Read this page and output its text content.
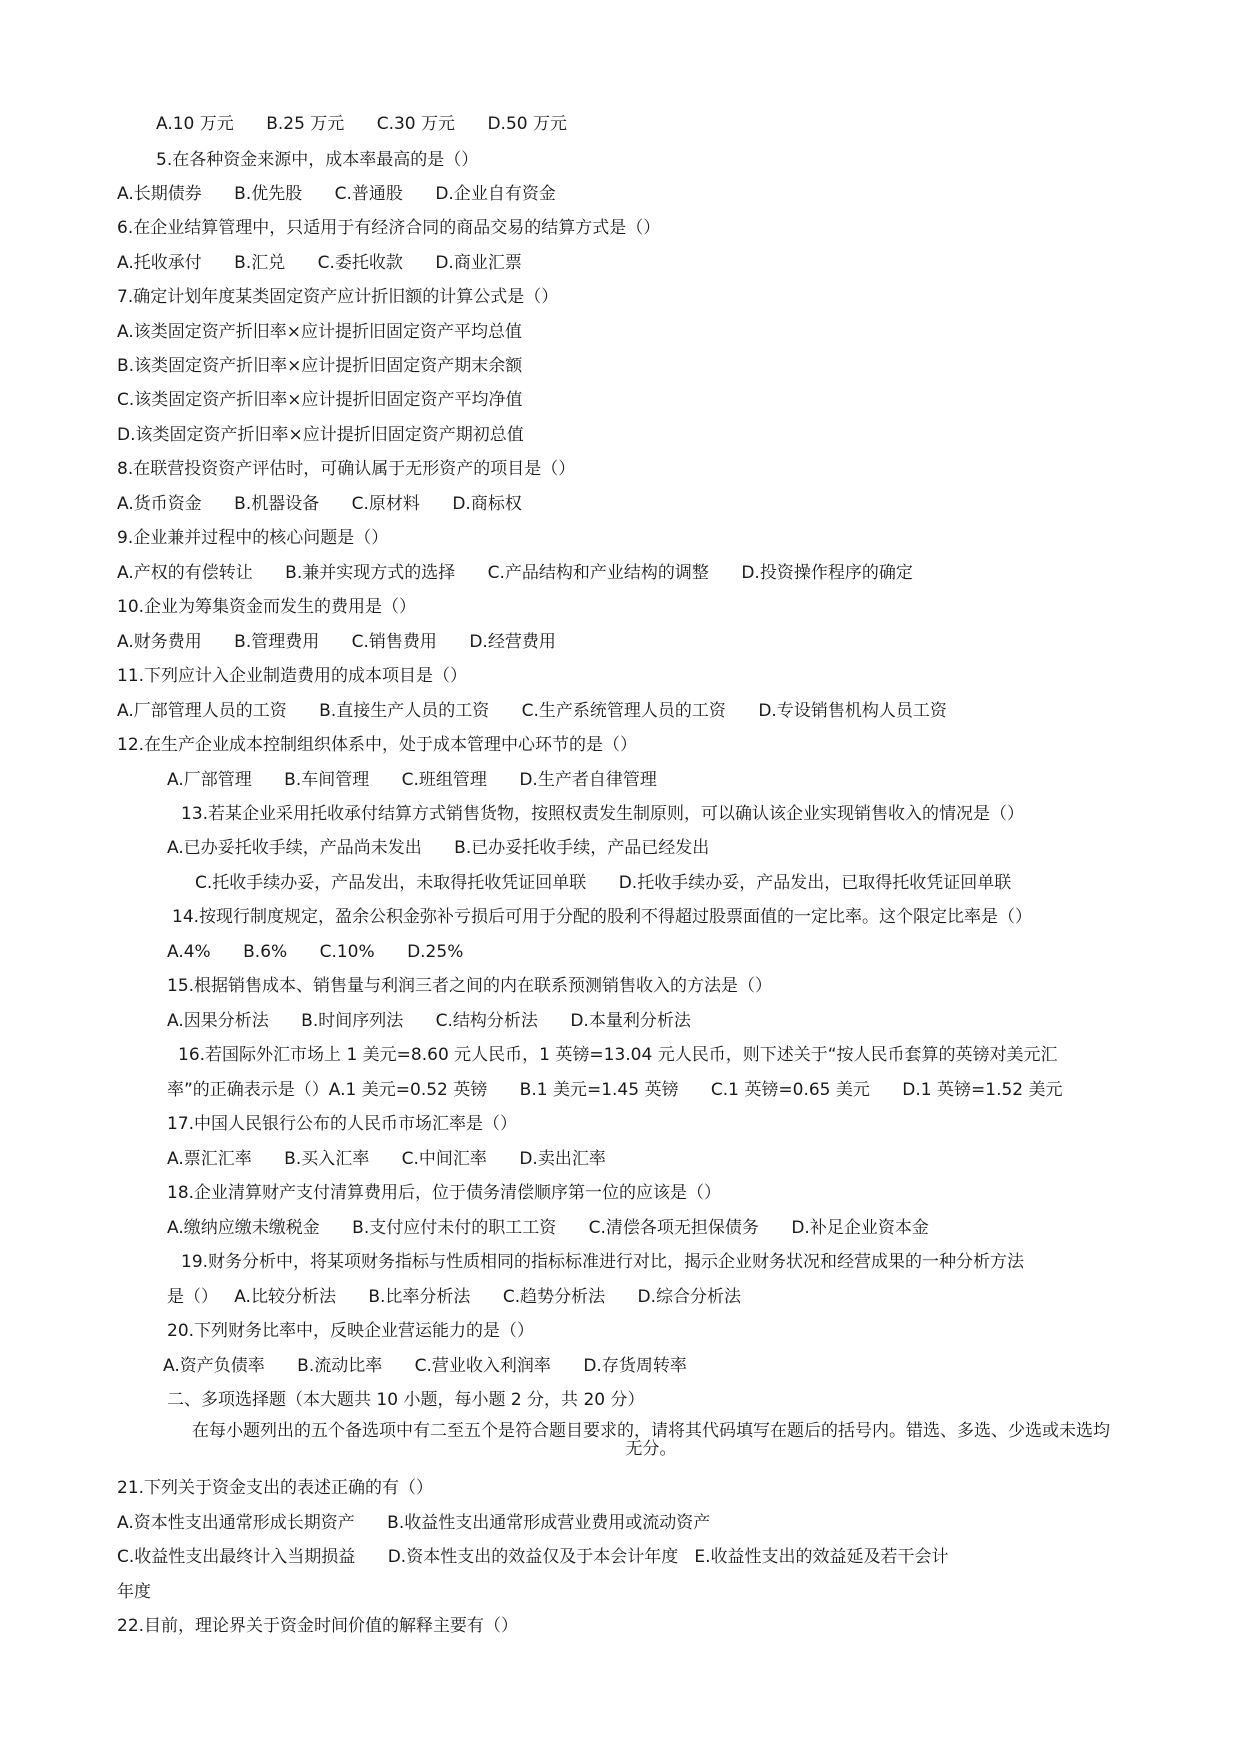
A.10 万元      B.25 万元      C.30 万元      D.50 万元
5.在各种资金来源中，成本率最高的是（）
A.长期债券      B.优先股      C.普通股      D.企业自有资金
6.在企业结算管理中，只适用于有经济合同的商品交易的结算方式是（）
A.托收承付      B.汇兑      C.委托收款      D.商业汇票
7.确定计划年度某类固定资产应计折旧额的计算公式是（）
A.该类固定资产折旧率×应计提折旧固定资产平均总值
B.该类固定资产折旧率×应计提折旧固定资产期末余额
C.该类固定资产折旧率×应计提折旧固定资产平均净值
D.该类固定资产折旧率×应计提折旧固定资产期初总值
8.在联营投资资产评估时，可确认属于无形资产的项目是（）
A.货币资金      B.机器设备      C.原材料      D.商标权
9.企业兼并过程中的核心问题是（）
A.产权的有偿转让      B.兼并实现方式的选择      C.产品结构和产业结构的调整      D.投资操作程序的确定
10.企业为筹集资金而发生的费用是（）
A.财务费用      B.管理费用      C.销售费用      D.经营费用
11.下列应计入企业制造费用的成本项目是（）
A.厂部管理人员的工资      B.直接生产人员的工资      C.生产系统管理人员的工资      D.专设销售机构人员工资
12.在生产企业成本控制组织体系中，处于成本管理中心环节的是（）
A.厂部管理      B.车间管理      C.班组管理      D.生产者自律管理
13.若某企业采用托收承付结算方式销售货物，按照权责发生制原则，可以确认该企业实现销售收入的情况是（）
A.已办妥托收手续，产品尚未发出      B.已办妥托收手续，产品已经发出
C.托收手续办妥，产品发出，未取得托收凭证回单联      D.托收手续办妥，产品发出，已取得托收凭证回单联
14.按现行制度规定，盈余公积金弥补亏损后可用于分配的股利不得超过股票面值的一定比率。这个限定比率是（）
A.4%      B.6%      C.10%      D.25%
15.根据销售成本、销售量与利润三者之间的内在联系预测销售收入的方法是（）
A.因果分析法      B.时间序列法      C.结构分析法      D.本量利分析法
16.若国际外汇市场上 1 美元=8.60 元人民币，1 英镑=13.04 元人民币，则下述关于“按人民币套算的英镑对美元汇
率”的正确表示是（）A.1 美元=0.52 英镑      B.1 美元=1.45 英镑      C.1 英镑=0.65 美元      D.1 英镑=1.52 美元
17.中国人民银行公布的人民币市场汇率是（）
A.票汇汇率      B.买入汇率      C.中间汇率      D.卖出汇率
18.企业清算财产支付清算费用后，位于债务清偿顺序第一位的应该是（）
A.缴纳应缴未缴税金      B.支付应付未付的职工工资      C.清偿各项无担保债务      D.补足企业资本金
19.财务分析中，将某项财务指标与性质相同的指标标准进行对比，揭示企业财务状况和经营成果的一种分析方法
是（）   A.比较分析法      B.比率分析法      C.趋势分析法      D.综合分析法
20.下列财务比率中，反映企业营运能力的是（）
A.资产负债率      B.流动比率      C.营业收入利润率      D.存货周转率
二、多项选择题（本大题共 10 小题，每小题 2 分，共 20 分）
在每小题列出的五个备选项中有二至五个是符合题目要求的，请将其代码填写在题后的括号内。错选、多选、少选或未选均无分。
21.下列关于资金支出的表述正确的有（）
A.资本性支出通常形成长期资产      B.收益性支出通常形成营业费用或流动资产
C.收益性支出最终计入当期损益      D.资本性支出的效益仅及于本会计年度   E.收益性支出的效益延及若干会计
年度
22.目前，理论界关于资金时间价值的解释主要有（）
